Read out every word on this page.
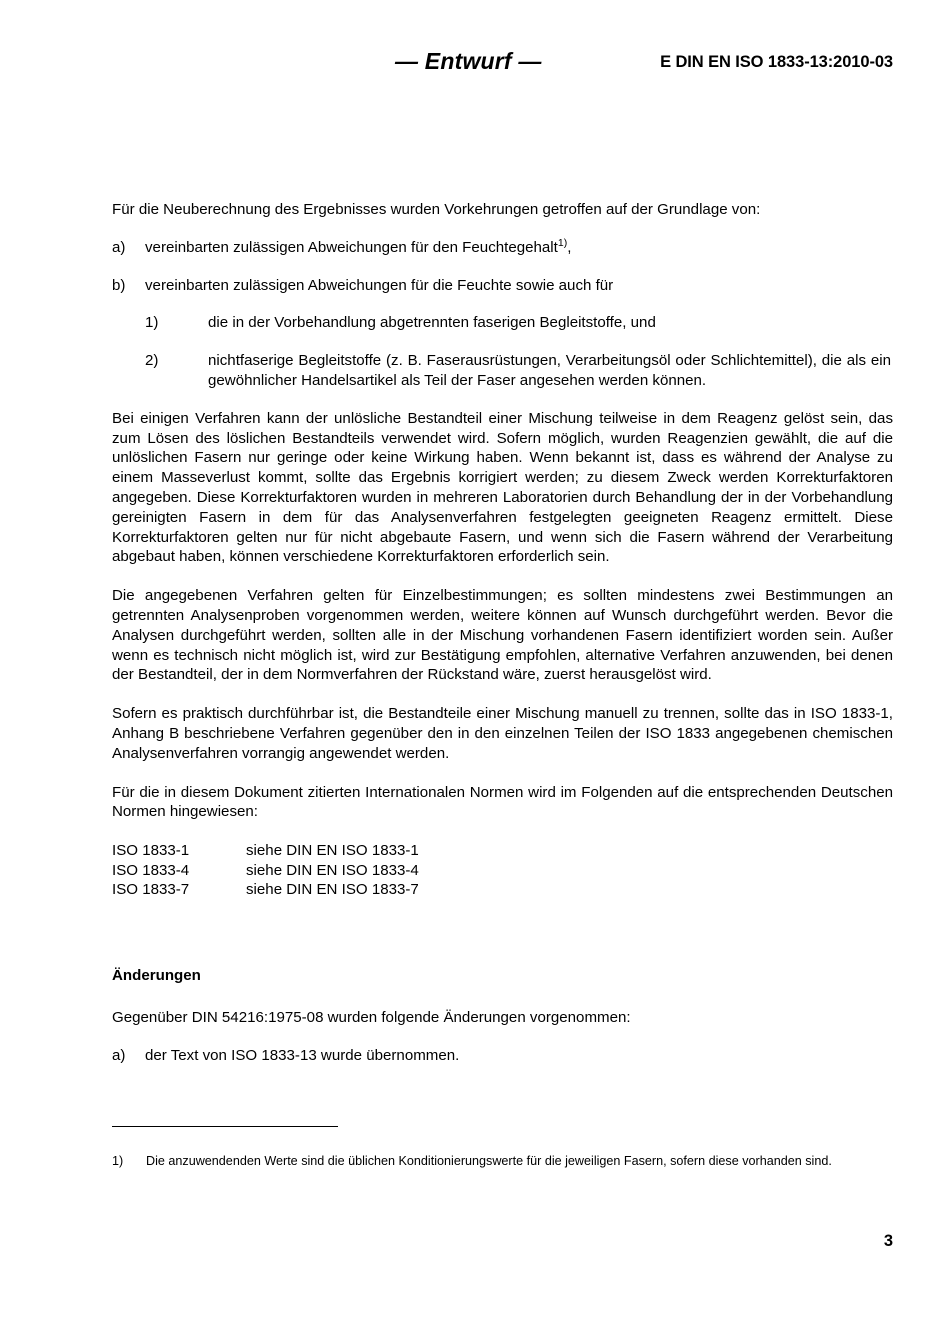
— Entwurf —	E DIN EN ISO 1833-13:2010-03

Für die Neuberechnung des Ergebnisses wurden Vorkehrungen getroffen auf der Grundlage von:

a) vereinbarten zulässigen Abweichungen für den Feuchtegehalt$^{1)}$,
b) vereinbarten zulässigen Abweichungen für die Feuchte sowie auch für
1)	die in der Vorbehandlung abgetrennten faserigen Begleitstoffe, und
2)	nichtfaserige Begleitstoffe (z. B. Faserausrüstungen, Verarbeitungsöl oder Schlichtemittel), die als ein gewöhnlicher Handelsartikel als Teil der Faser angesehen werden können.

Bei einigen Verfahren kann der unlösliche Bestandteil einer Mischung teilweise in dem Reagenz gelöst sein, das zum Lösen des löslichen Bestandteils verwendet wird. Sofern möglich, wurden Reagenzien gewählt, die auf die unlöslichen Fasern nur geringe oder keine Wirkung haben. Wenn bekannt ist, dass es während der Analyse zu einem Masseverlust kommt, sollte das Ergebnis korrigiert werden; zu diesem Zweck werden Korrekturfaktoren angegeben. Diese Korrekturfaktoren wurden in mehreren Laboratorien durch Behandlung der in der Vorbehandlung gereinigten Fasern in dem für das Analysenverfahren festgelegten geeigneten Reagenz ermittelt. Diese Korrekturfaktoren gelten nur für nicht abgebaute Fasern, und wenn sich die Fasern während der Verarbeitung abgebaut haben, können verschiedene Korrekturfaktoren erforderlich sein.

Die angegebenen Verfahren gelten für Einzelbestimmungen; es sollten mindestens zwei Bestimmungen an getrennten Analysenproben vorgenommen werden, weitere können auf Wunsch durchgeführt werden. Bevor die Analysen durchgeführt werden, sollten alle in der Mischung vorhandenen Fasern identifiziert worden sein. Außer wenn es technisch nicht möglich ist, wird zur Bestätigung empfohlen, alternative Verfahren anzuwenden, bei denen der Bestandteil, der in dem Normverfahren der Rückstand wäre, zuerst herausgelöst wird.

Sofern es praktisch durchführbar ist, die Bestandteile einer Mischung manuell zu trennen, sollte das in ISO 1833-1, Anhang B beschriebene Verfahren gegenüber den in den einzelnen Teilen der ISO 1833 angegebenen chemischen Analysenverfahren vorrangig angewendet werden.

Für die in diesem Dokument zitierten Internationalen Normen wird im Folgenden auf die entsprechenden Deutschen Normen hingewiesen:

ISO 1833-1	siehe DIN EN ISO 1833-1
ISO 1833-4	siehe DIN EN ISO 1833-4
ISO 1833-7	siehe DIN EN ISO 1833-7
Änderungen

Gegenüber DIN 54216:1975-08 wurden folgende Änderungen vorgenommen:

a) der Text von ISO 1833-13 wurde übernommen.
1)	Die anzuwendenden Werte sind die üblichen Konditionierungswerte für die jeweiligen Fasern, sofern diese vorhanden sind.
3
